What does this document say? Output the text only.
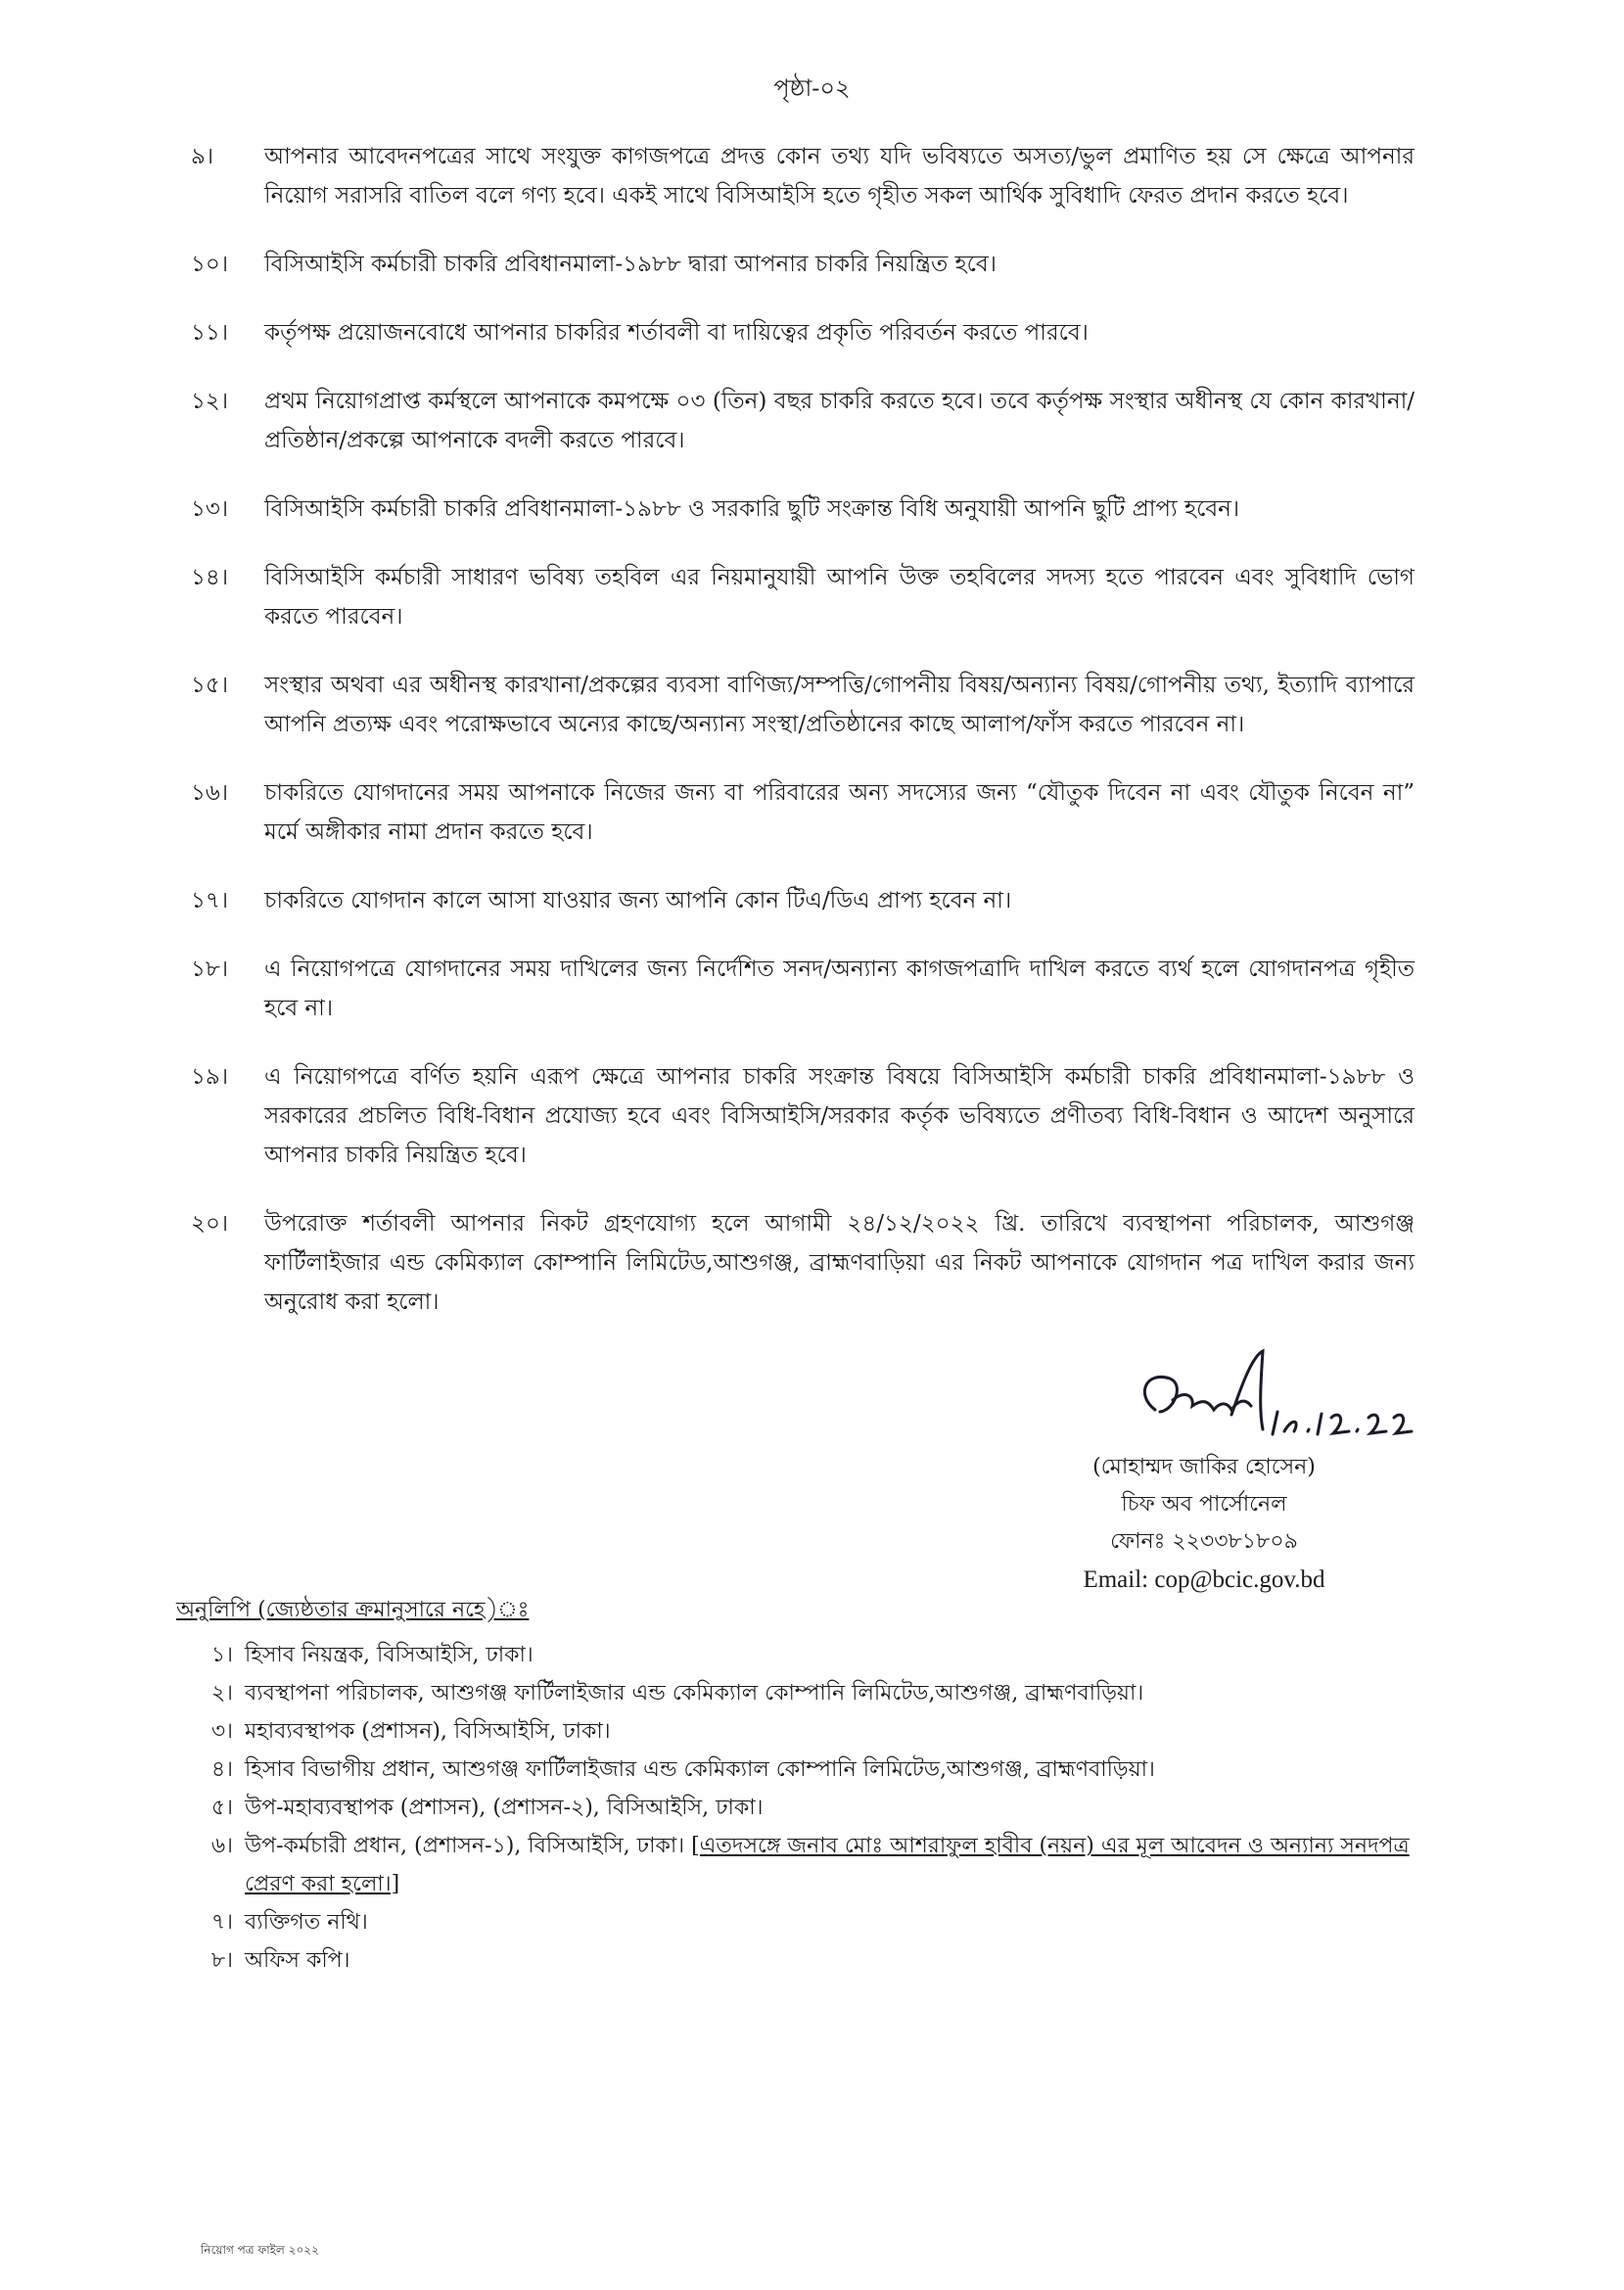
পৃষ্ঠা-০২
৯।	আপনার আবেদনপত্রের সাথে সংযুক্ত কাগজপত্রে প্রদত্ত কোন তথ্য যদি ভবিষ্যতে অসত্য/ভুল প্রমাণিত হয় সে ক্ষেত্রে আপনার নিয়োগ সরাসরি বাতিল বলে গণ্য হবে। একই সাথে বিসিআইসি হতে গৃহীত সকল আর্থিক সুবিধাদি ফেরত প্রদান করতে হবে।
১০।	বিসিআইসি কর্মচারী চাকরি প্রবিধানমালা-১৯৮৮ দ্বারা আপনার চাকরি নিয়ন্ত্রিত হবে।
১১।	কর্তৃপক্ষ প্রয়োজনবোধে আপনার চাকরির শর্তাবলী বা দায়িত্বের প্রকৃতি পরিবর্তন করতে পারবে।
১২।	প্রথম নিয়োগপ্রাপ্ত কর্মস্থলে আপনাকে কমপক্ষে ০৩ (তিন) বছর চাকরি করতে হবে। তবে কর্তৃপক্ষ সংস্থার অধীনস্থ যে কোন কারখানা/প্রতিষ্ঠান/প্রকল্পে আপনাকে বদলী করতে পারবে।
১৩।	বিসিআইসি কর্মচারী চাকরি প্রবিধানমালা-১৯৮৮ ও সরকারি ছুটি সংক্রান্ত বিধি অনুযায়ী আপনি ছুটি প্রাপ্য হবেন।
১৪।	বিসিআইসি কর্মচারী সাধারণ ভবিষ্য তহবিল এর নিয়মানুযায়ী আপনি উক্ত তহবিলের সদস্য হতে পারবেন এবং সুবিধাদি ভোগ করতে পারবেন।
১৫।	সংস্থার অথবা এর অধীনস্থ কারখানা/প্রকল্পের ব্যবসা বাণিজ্য/সম্পত্তি/গোপনীয় বিষয়/অন্যান্য বিষয়/গোপনীয় তথ্য, ইত্যাদি ব্যাপারে আপনি প্রত্যক্ষ এবং পরোক্ষভাবে অন্যের কাছে/অন্যান্য সংস্থা/প্রতিষ্ঠানের কাছে আলাপ/ফাঁস করতে পারবেন না।
১৬।	চাকরিতে যোগদানের সময় আপনাকে নিজের জন্য বা পরিবারের অন্য সদস্যের জন্য “যৌতুক দিবেন না এবং যৌতুক নিবেন না” মর্মে অঙ্গীকার নামা প্রদান করতে হবে।
১৭।	চাকরিতে যোগদান কালে আসা যাওয়ার জন্য আপনি কোন টিএ/ডিএ প্রাপ্য হবেন না।
১৮।	এ নিয়োগপত্রে যোগদানের সময় দাখিলের জন্য নির্দেশিত সনদ/অন্যান্য কাগজপত্রাদি দাখিল করতে ব্যর্থ হলে যোগদানপত্র গৃহীত হবে না।
১৯।	এ নিয়োগপত্রে বর্ণিত হয়নি এরূপ ক্ষেত্রে আপনার চাকরি সংক্রান্ত বিষয়ে বিসিআইসি কর্মচারী চাকরি প্রবিধানমালা-১৯৮৮ ও সরকারের প্রচলিত বিধি-বিধান প্রযোজ্য হবে এবং বিসিআইসি/সরকার কর্তৃক ভবিষ্যতে প্রণীতব্য বিধি-বিধান ও আদেশ অনুসারে আপনার চাকরি নিয়ন্ত্রিত হবে।
২০।	উপরোক্ত শর্তাবলী আপনার নিকট গ্রহণযোগ্য হলে আগামী ২৪/১২/২০২২ খ্রি. তারিখে ব্যবস্থাপনা পরিচালক, আশুগঞ্জ ফার্টিলাইজার এন্ড কেমিক্যাল কোম্পানি লিমিটেড,আশুগঞ্জ, ব্রাহ্মণবাড়িয়া এর নিকট আপনাকে যোগদান পত্র দাখিল করার জন্য অনুরোধ করা হলো।
(মোহাম্মদ জাকির হোসেন)
চিফ অব পার্সোনেল
ফোনঃ ২২৩৩৮১৮০৯
Email: cop@bcic.gov.bd
অনুলিপি (জ্যেষ্ঠতার ক্রমানুসারে নহে)ঃ
১। হিসাব নিয়ন্ত্রক, বিসিআইসি, ঢাকা।
২। ব্যবস্থাপনা পরিচালক, আশুগঞ্জ ফার্টিলাইজার এন্ড কেমিক্যাল কোম্পানি লিমিটেড,আশুগঞ্জ, ব্রাহ্মণবাড়িয়া।
৩। মহাব্যবস্থাপক (প্রশাসন), বিসিআইসি, ঢাকা।
৪। হিসাব বিভাগীয় প্রধান, আশুগঞ্জ ফার্টিলাইজার এন্ড কেমিক্যাল কোম্পানি লিমিটেড,আশুগঞ্জ, ব্রাহ্মণবাড়িয়া।
৫। উপ-মহাব্যবস্থাপক (প্রশাসন), (প্রশাসন-২), বিসিআইসি, ঢাকা।
৬। উপ-কর্মচারী প্রধান, (প্রশাসন-১), বিসিআইসি, ঢাকা। [এতদসঙ্গে জনাব মোঃ আশরাফুল হাবীব (নয়ন) এর মূল আবেদন ও অন্যান্য সনদপত্র প্রেরণ করা হলো।]
৭। ব্যক্তিগত নথি।
৮। অফিস কপি।
নিয়োগ পত্র ফাইল ২০২২
